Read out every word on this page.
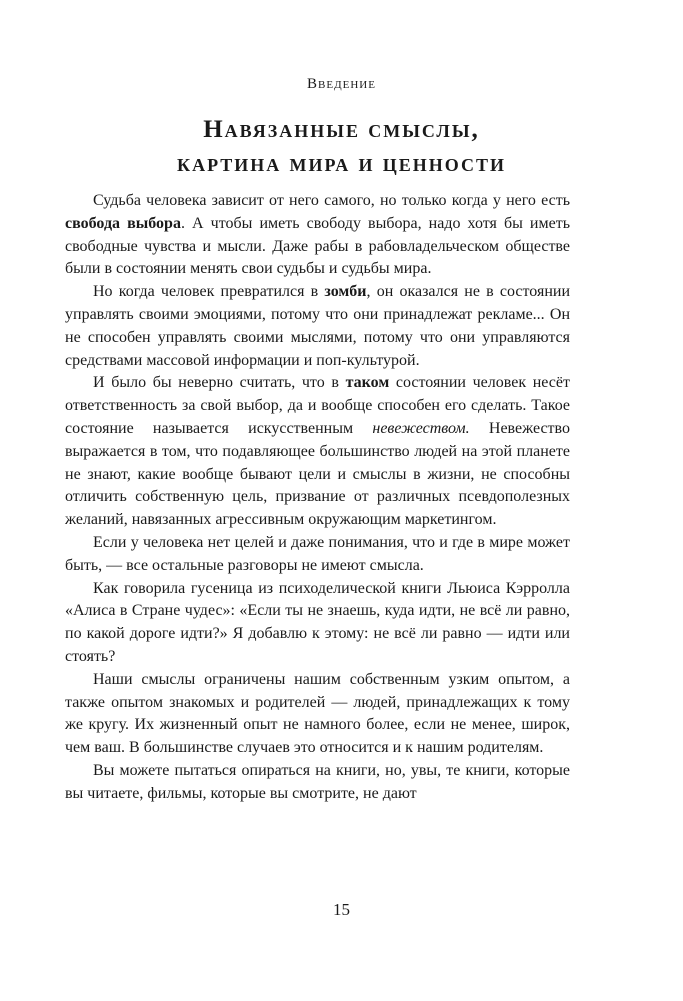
Введение
Навязанные смыслы,
картина мира и ценности

Судьба человека зависит от него самого, но только когда у него есть свобода выбора. А чтобы иметь свободу выбора, надо хотя бы иметь свободные чувства и мысли. Даже рабы в рабовладельческом обществе были в состоянии менять свои судьбы и судьбы мира.

Но когда человек превратился в зомби, он оказался не в состоянии управлять своими эмоциями, потому что они принадлежат рекламе... Он не способен управлять своими мыслями, потому что они управляются средствами массовой информации и поп-культурой.

И было бы неверно считать, что в таком состоянии человек несёт ответственность за свой выбор, да и вообще способен его сделать. Такое состояние называется искусственным невежеством. Невежество выражается в том, что подавляющее большинство людей на этой планете не знают, какие вообще бывают цели и смыслы в жизни, не способны отличить собственную цель, призвание от различных псевдополезных желаний, навязанных агрессивным окружающим маркетингом.

Если у человека нет целей и даже понимания, что и где в мире может быть, — все остальные разговоры не имеют смысла.

Как говорила гусеница из психоделической книги Льюиса Кэрролла «Алиса в Стране чудес»: «Если ты не знаешь, куда идти, не всё ли равно, по какой дороге идти?» Я добавлю к этому: не всё ли равно — идти или стоять?

Наши смыслы ограничены нашим собственным узким опытом, а также опытом знакомых и родителей — людей, принадлежащих к тому же кругу. Их жизненный опыт не намного более, если не менее, широк, чем ваш. В большинстве случаев это относится и к нашим родителям.

Вы можете пытаться опираться на книги, но, увы, те книги, которые вы читаете, фильмы, которые вы смотрите, не дают

15
